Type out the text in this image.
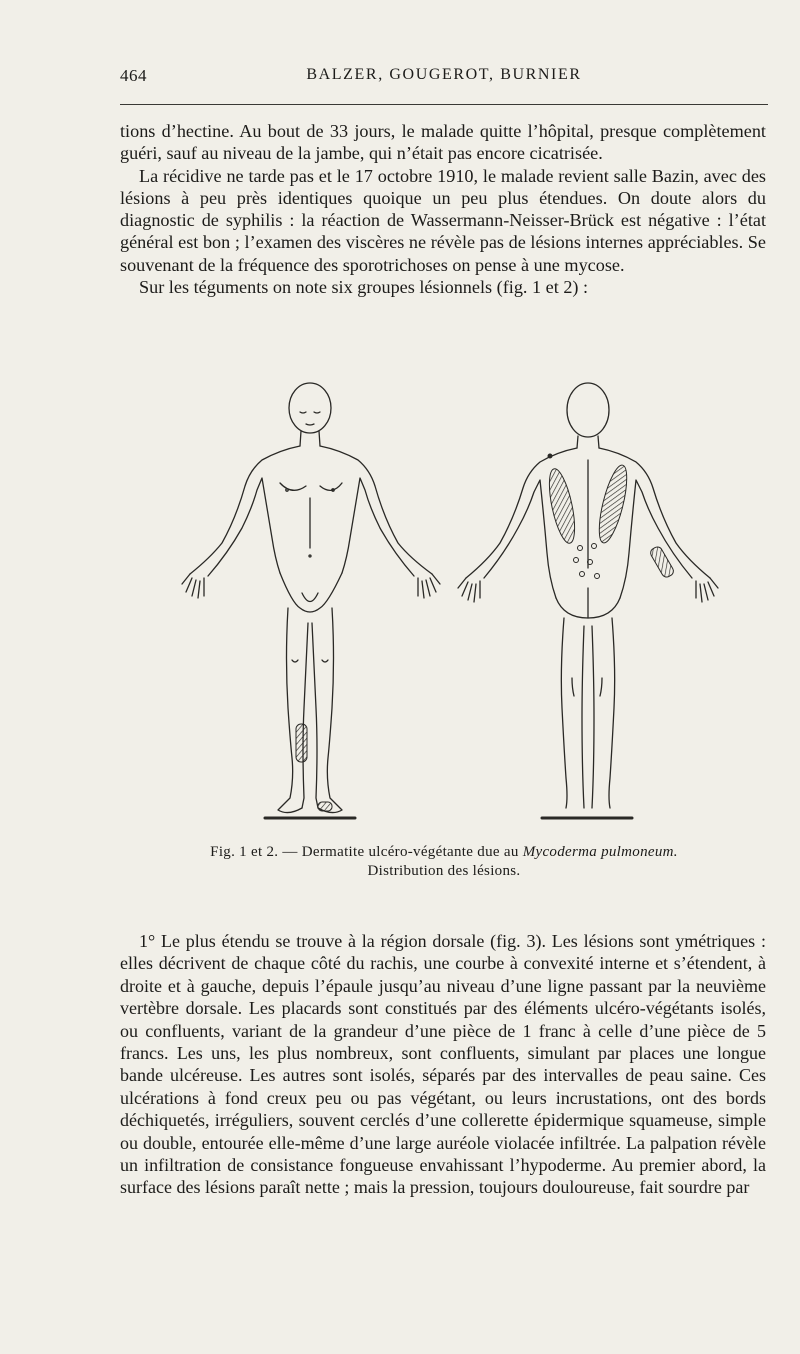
464	BALZER, GOUGEROT, BURNIER

tions d’hectine. Au bout de 33 jours, le malade quitte l’hôpital, presque complètement guéri, sauf au niveau de la jambe, qui n’était pas encore cicatrisée.

La récidive ne tarde pas et le 17 octobre 1910, le malade revient salle Bazin, avec des lésions à peu près identiques quoique un peu plus étendues. On doute alors du diagnostic de syphilis : la réaction de Wassermann-Neisser-Brück est négative : l’état général est bon ; l’examen des viscères ne révèle pas de lésions internes appréciables. Se souvenant de la fréquence des sporotrichoses on pense à une mycose.

Sur les téguments on note six groupes lésionnels (fig. 1 et 2) :

Fig. 1 et 2. — Dermatite ulcéro-végétante due au Mycoderma pulmoneum.
Distribution des lésions.

1° Le plus étendu se trouve à la région dorsale (fig. 3). Les lésions sont ymétriques : elles décrivent de chaque côté du rachis, une courbe à convexité interne et s’étendent, à droite et à gauche, depuis l’épaule jusqu’au niveau d’une ligne passant par la neuvième vertèbre dorsale. Les placards sont constitués par des éléments ulcéro-végétants isolés, ou confluents, variant de la grandeur d’une pièce de 1 franc à celle d’une pièce de 5 francs. Les uns, les plus nombreux, sont confluents, simulant par places une longue bande ulcéreuse. Les autres sont isolés, séparés par des intervalles de peau saine. Ces ulcérations à fond creux peu ou pas végétant, ou leurs incrustations, ont des bords déchiquetés, irréguliers, souvent cerclés d’une collerette épidermique squameuse, simple ou double, entourée elle-même d’une large auréole violacée infiltrée. La palpation révèle un infiltration de consistance fongueuse envahissant l’hypoderme. Au premier abord, la surface des lésions paraît nette ; mais la pression, toujours douloureuse, fait sourdre par
